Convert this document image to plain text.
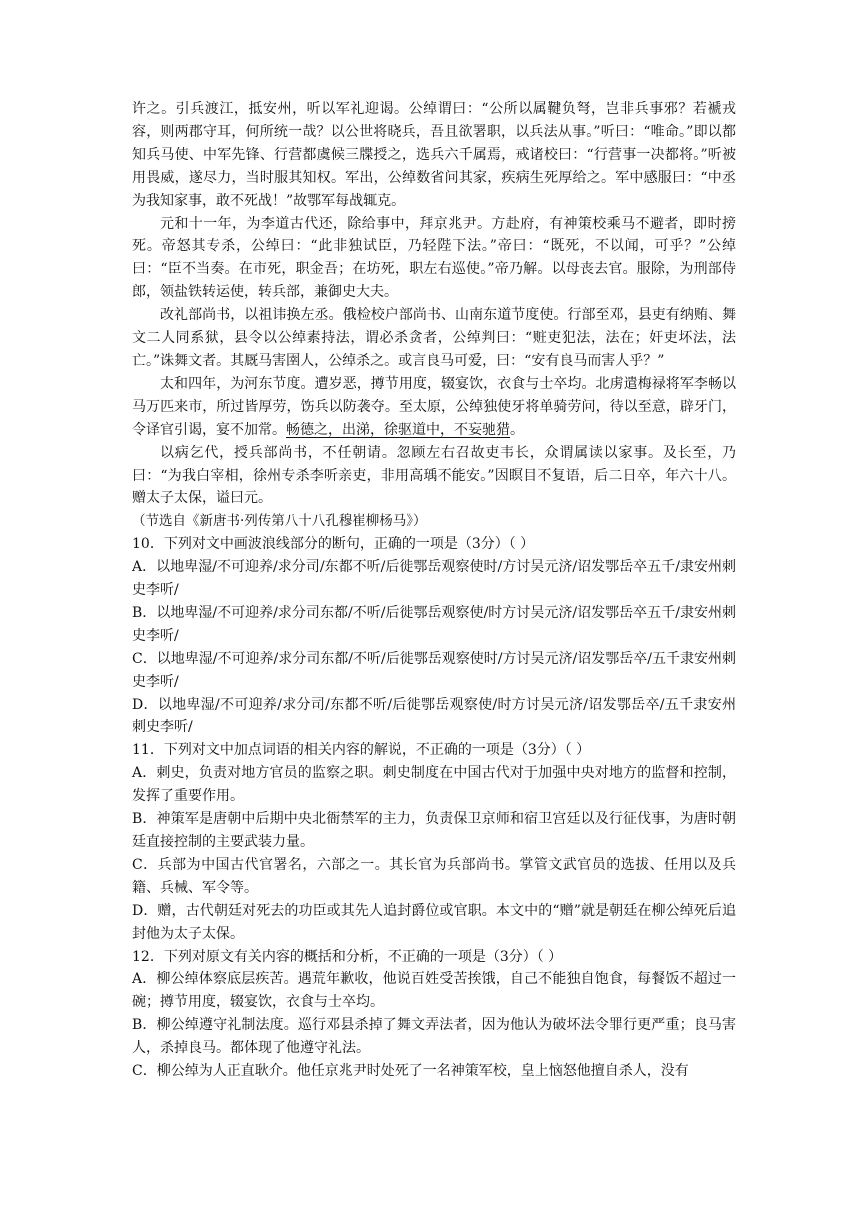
许之。引兵渡江，抵安州，听以军礼迎谒。公绰谓曰：“公所以属鞬负弩，岂非兵事邪？若褫戎容，则两郡守耳，何所统一哉？以公世将晓兵，吾且欲署职，以兵法从事。”听曰：“唯命。”即以都知兵马使、中军先锋、行营都虞候三牒授之，选兵六千属焉，戒诸校曰：“行营事一决都将。”听被用畏威，遂尽力，当时服其知权。军出，公绰数省问其家，疾病生死厚给之。军中感服曰：“中丞为我知家事，敢不死战！”故鄂军每战辄克。

元和十一年，为李道古代还，除给事中，拜京兆尹。方赴府，有神策校乘马不避者，即时搒死。帝怒其专杀，公绰曰：“此非独试臣，乃轻陛下法。”帝曰：“既死，不以闻，可乎？”公绰曰：“臣不当奏。在市死，职金吾；在坊死，职左右巡使。”帝乃解。以母丧去官。服除，为刑部侍郎，领盐铁转运使，转兵部，兼御史大夫。

改礼部尚书，以祖讳换左丞。俄检校户部尚书、山南东道节度使。行部至邓，县吏有纳贿、舞文二人同系狱，县令以公绰素持法，谓必杀贪者，公绰判曰：“赃吏犯法，法在；奸吏坏法，法亡。”诛舞文者。其厩马害圉人，公绰杀之。或言良马可爱，曰：“安有良马而害人乎？”

太和四年，为河东节度。遭岁恶，撙节用度，辍宴饮，衣食与士卒均。北虏遣梅禄将军李畅以马万匹来市，所过皆厚劳，饬兵以防袭夺。至太原，公绰独使牙将单骑劳问，待以至意，辟牙门，令译官引谒，宴不加常。畅德之，出涕，徐驱道中，不妄驰猎。

以病乞代，授兵部尚书，不任朝请。忽顾左右召故吏韦长，众谓属读以家事。及长至，乃曰：“为我白宰相，徐州专杀李听亲吏，非用高瑀不能安。”因瞑目不复语，后二日卒，年六十八。赠太子太保，谥曰元。

（节选自《新唐书·列传第八十八孔穆崔柳杨马》）

10．下列对文中画波浪线部分的断句，正确的一项是（3分）（ ）

A．以地卑湿/不可迎养/求分司/东都不听/后徙鄂岳观察使时/方讨吴元济/诏发鄂岳卒五千/隶安州刺史李听/

B．以地卑湿/不可迎养/求分司东都/不听/后徙鄂岳观察使/时方讨吴元济/诏发鄂岳卒五千/隶安州刺史李听/

C．以地卑湿/不可迎养/求分司东都/不听/后徙鄂岳观察使时/方讨吴元济/诏发鄂岳卒/五千隶安州刺史李听/

D．以地卑湿/不可迎养/求分司/东都不听/后徙鄂岳观察使/时方讨吴元济/诏发鄂岳卒/五千隶安州刺史李听/

11．下列对文中加点词语的相关内容的解说，不正确的一项是（3分）（ ）

A．刺史，负责对地方官员的监察之职。刺史制度在中国古代对于加强中央对地方的监督和控制，发挥了重要作用。

B．神策军是唐朝中后期中央北衙禁军的主力，负责保卫京师和宿卫宫廷以及行征伐事，为唐时朝廷直接控制的主要武装力量。

C．兵部为中国古代官署名，六部之一。其长官为兵部尚书。掌管文武官员的选拔、任用以及兵籍、兵械、军令等。

D．赠，古代朝廷对死去的功臣或其先人追封爵位或官职。本文中的“赠”就是朝廷在柳公绰死后追封他为太子太保。

12．下列对原文有关内容的概括和分析，不正确的一项是（3分）（ ）

A．柳公绰体察底层疾苦。遇荒年歉收，他说百姓受苦挨饿，自己不能独自饱食，每餐饭不超过一碗；撙节用度，辍宴饮，衣食与士卒均。

B．柳公绰遵守礼制法度。巡行邓县杀掉了舞文弄法者，因为他认为破坏法令罪行更严重；良马害人，杀掉良马。都体现了他遵守礼法。

C．柳公绰为人正直耿介。他任京兆尹时处死了一名神策军校，皇上恼怒他擅自杀人，没有
